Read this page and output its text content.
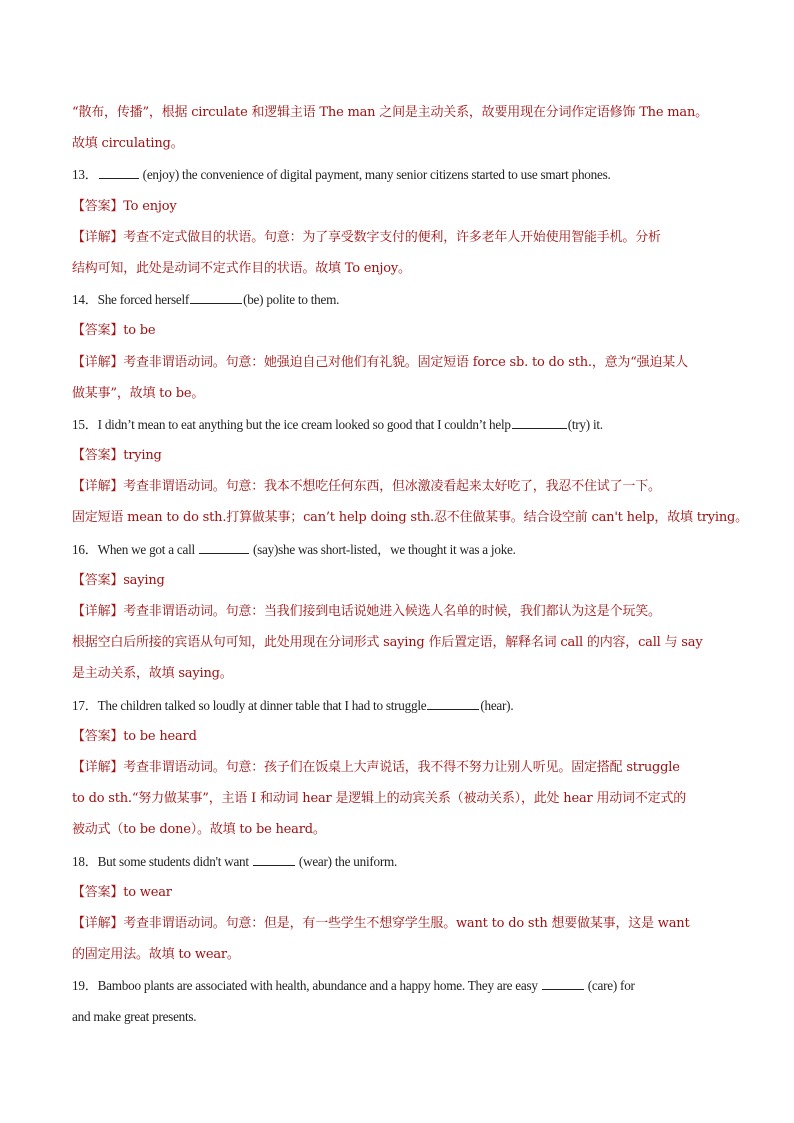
“散布，传播”，根据 circulate 和逻辑主语 The man 之间是主动关系，故要用现在分词作定语修饰 The man。
故填 circulating。
13．	(enjoy) the convenience of digital payment, many senior citizens started to use smart phones.
【答案】To enjoy
【详解】考查不定式做目的状语。句意：为了享受数字支付的便利，许多老年人开始使用智能手机。分析
结构可知，此处是动词不定式作目的状语。故填 To enjoy。
14．She forced herself	(be) polite to them.
【答案】to be
【详解】考查非谓语动词。句意：她强迫自己对他们有礼貌。固定短语 force sb. to do sth.，意为“强迫某人
做某事”，故填 to be。
15．I didn’t mean to eat anything but the ice cream looked so good that I couldn’t help	(try) it.
【答案】trying
【详解】考查非谓语动词。句意：我本不想吃任何东西，但冰激凌看起来太好吃了，我忍不住试了一下。
固定短语 mean to do sth.打算做某事；can’t help doing sth.忍不住做某事。结合设空前 can't help，故填 trying。
16．When we got a call	(say)she was short-listed，we thought it was a joke.
【答案】saying
【详解】考查非谓语动词。句意：当我们接到电话说她进入候选人名单的时候，我们都认为这是个玩笑。
根据空白后所接的宾语从句可知，此处用现在分词形式 saying 作后置定语，解释名词 call 的内容，call 与 say
是主动关系，故填 saying。
17．The children talked so loudly at dinner table that I had to struggle	(hear).
【答案】to be heard
【详解】考查非谓语动词。句意：孩子们在饭桌上大声说话，我不得不努力让别人听见。固定搭配 struggle
to do sth.“努力做某事”，主语 I 和动词 hear 是逻辑上的动宾关系（被动关系），此处 hear 用动词不定式的
被动式（to be done）。故填 to be heard。
18．But some students didn't want	(wear) the uniform.
【答案】to wear
【详解】考查非谓语动词。句意：但是，有一些学生不想穿学生服。want to do sth 想要做某事，这是 want
的固定用法。故填 to wear。
19．Bamboo plants are associated with health, abundance and a happy home. They are easy	(care) for
and make great presents.
